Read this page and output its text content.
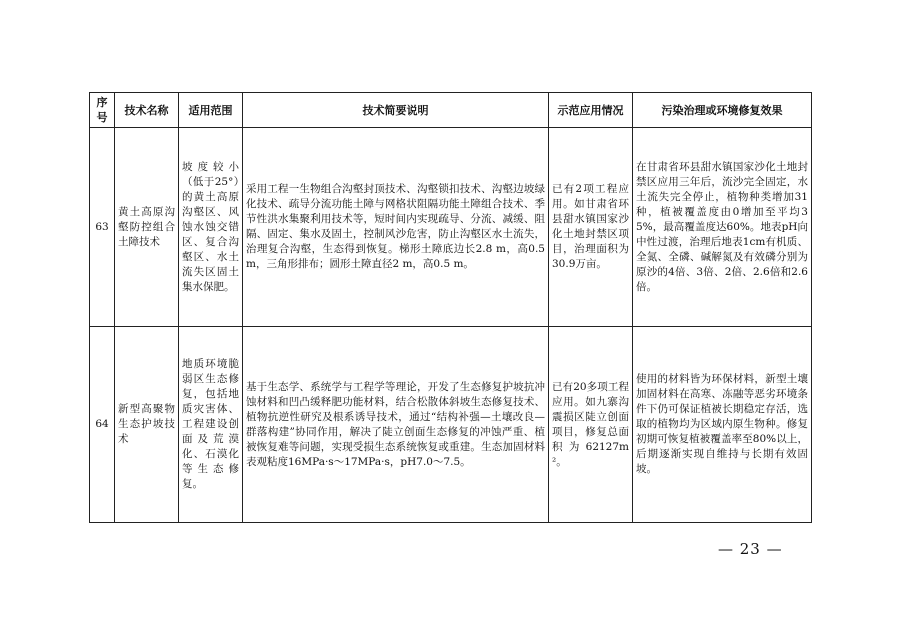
序号	技术名称	适用范围	技术简要说明	示范应用情况	污染治理或环境修复效果
63	黄土高原沟壑防控组合土障技术	坡度较小（低于25°）的黄土高原沟壑区、风蚀水蚀交错区、复合沟壑区、水土流失区固土集水保肥。	采用工程一生物组合沟壑封顶技术、沟壑锁扣技术、沟壑边坡绿化技术、疏导分流功能土障与网格状阻隔功能土障组合技术、季节性洪水集聚利用技术等，短时间内实现疏导、分流、减缓、阻隔、固定、集水及固土，控制风沙危害，防止沟壑区水土流失，治理复合沟壑，生态得到恢复。梯形土障底边长2.8 m，高0.5 m，三角形排布；圆形土障直径2 m，高0.5 m。	已有2项工程应用。如甘肃省环县甜水镇国家沙化土地封禁区项目，治理面积为30.9万亩。	在甘肃省环县甜水镇国家沙化土地封禁区应用三年后，流沙完全固定，水土流失完全停止，植物种类增加31种，植被覆盖度由0增加至平均35%，最高覆盖度达60%。地表pH向中性过渡，治理后地表1cm有机质、全氮、全磷、碱解氮及有效磷分别为原沙的4倍、3倍、2倍、2.6倍和2.6倍。
64	新型高聚物生态护坡技术	地质环境脆弱区生态修复，包括地质灾害体、工程建设创面及荒漠化、石漠化等生态修复。	基于生态学、系统学与工程学等理论，开发了生态修复护坡抗冲蚀材料和凹凸缓释肥功能材料，结合松散体斜坡生态修复技术、植物抗逆性研究及根系诱导技术，通过“结构补强—土壤改良—群落构建”协同作用，解决了陡立创面生态修复的冲蚀严重、植被恢复难等问题，实现受损生态系统恢复或重建。生态加固材料表观粘度16MPa·s～17MPa·s，pH7.0～7.5。	已有20多项工程应用。如九寨沟震损区陡立创面项目，修复总面积为62127m²。	使用的材料皆为环保材料，新型土壤加固材料在高寒、冻融等恶劣环境条件下仍可保证植被长期稳定存活，选取的植物均为区域内原生物种。修复初期可恢复植被覆盖率至80%以上，后期逐渐实现自维持与长期有效固坡。
— 23 —
